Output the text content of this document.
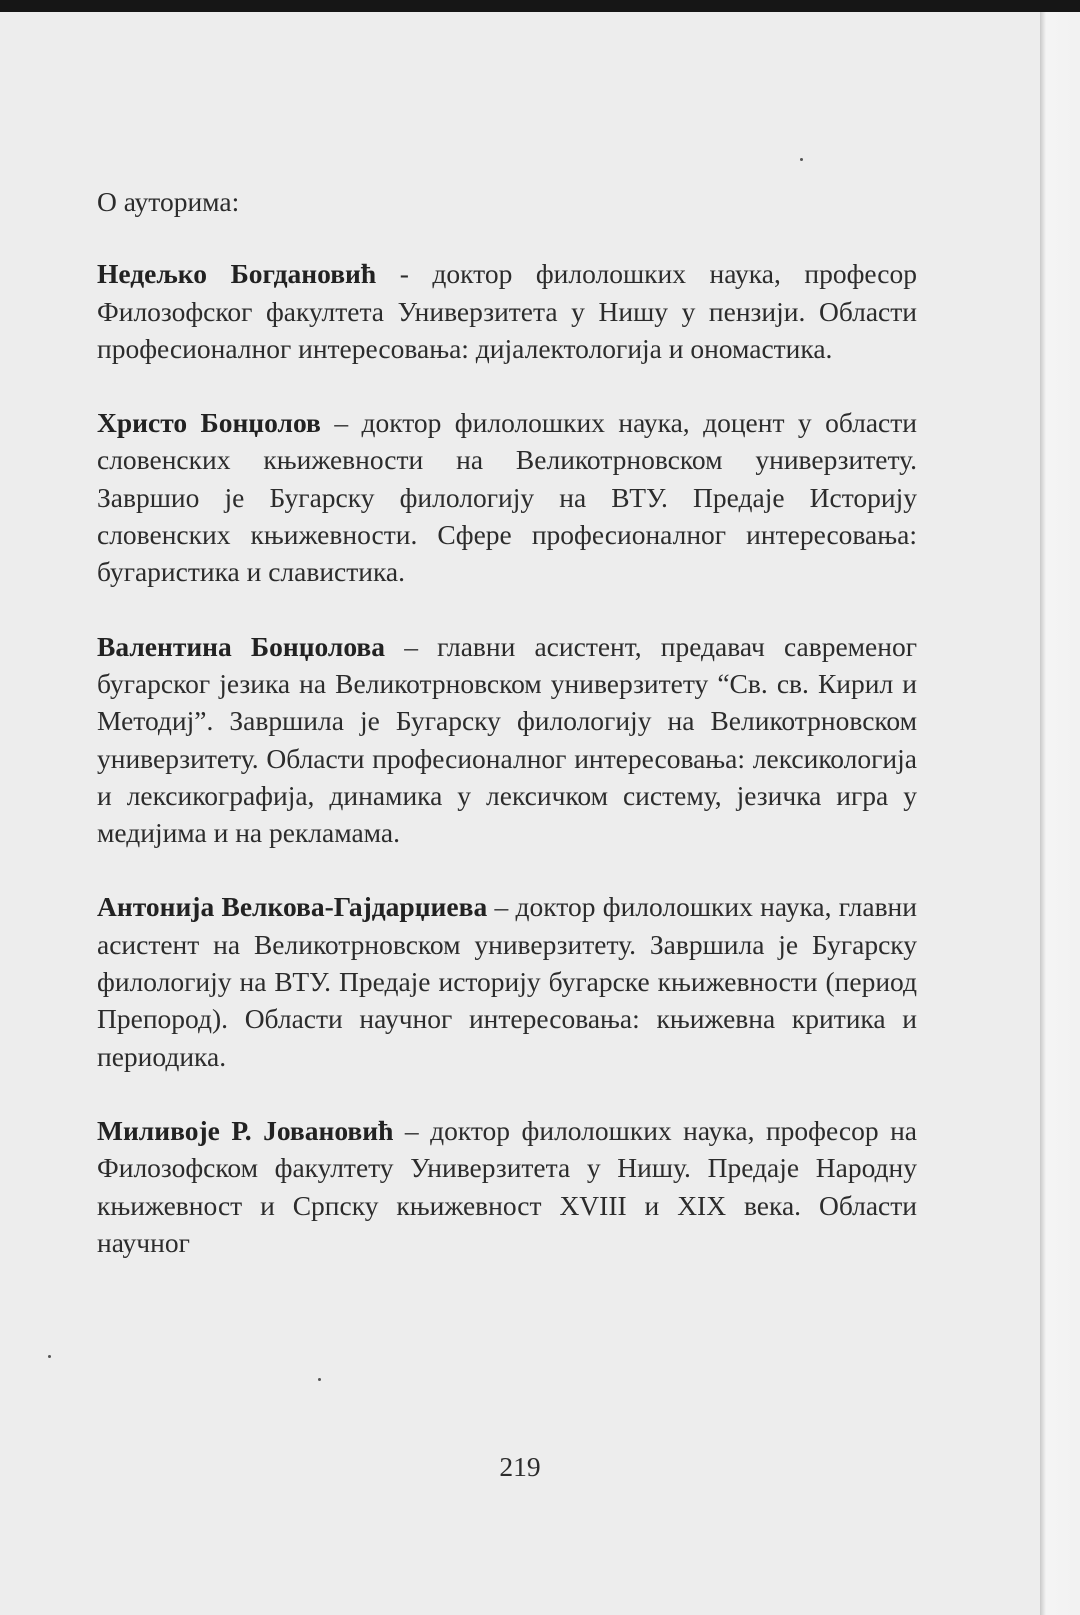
О ауторима:

Недељко Богдановић - доктор филолошких наука, професор Филозофског факултета Универзитета у Нишу у пензији. Области професионалног интересовања: дијалектологија и ономастика.

Христо Бонџолов – доктор филолошких наука, доцент у области словенских књижевности на Великотрновском универзитету. Завршио је Бугарску филологију на ВТУ. Предаје Историју словенских књижевности. Сфере професионалног интересовања: бугаристика и славистика.

Валентина Бонџолова – главни асистент, предавач савременог бугарског језика на Великотрновском универзитету “Св. св. Кирил и Методиј”. Завршила је Бугарску филологију на Великотрновском универзитету. Области професионалног интересовања: лексикологија и лексикографија, динамика у лексичком систему, језичка игра у медијима и на рекламама.

Антонија Велкова-Гајдарџиева – доктор филолошких наука, главни асистент на Великотрновском универзитету. Завршила је Бугарску филологију на ВТУ. Предаје историју бугарске књижевности (период Препород). Области научног интересовања: књижевна критика и периодика.

Миливоје Р. Јовановић – доктор филолошких наука, професор на Филозофском факултету Универзитета у Нишу. Предаје Народну књижевност и Српску књижевност XVIII и XIX века. Области научног

219
